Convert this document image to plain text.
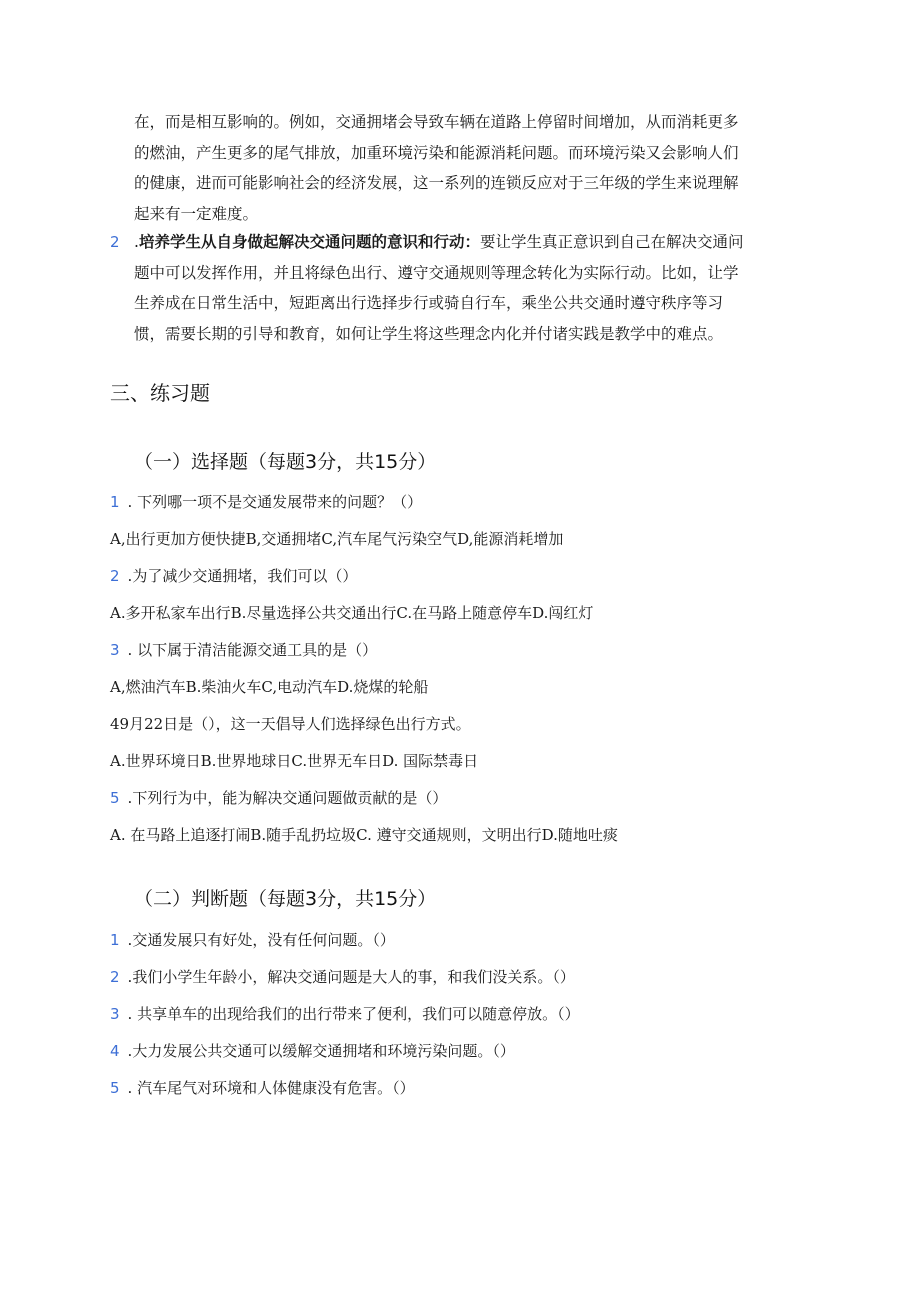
在，而是相互影响的。例如，交通拥堵会导致车辆在道路上停留时间增加，从而消耗更多

的燃油，产生更多的尾气排放，加重环境污染和能源消耗问题。而环境污染又会影响人们

的健康，进而可能影响社会的经济发展，这一系列的连锁反应对于三年级的学生来说理解

起来有一定难度。

2 .培养学生从自身做起解决交通问题的意识和行动：要让学生真正意识到自己在解决交通问

题中可以发挥作用，并且将绿色出行、遵守交通规则等理念转化为实际行动。比如，让学

生养成在日常生活中，短距离出行选择步行或骑自行车，乘坐公共交通时遵守秩序等习

惯，需要长期的引导和教育，如何让学生将这些理念内化并付诸实践是教学中的难点。

三、练习题
（一）选择题（每题3分，共15分）
1 . 下列哪一项不是交通发展带来的问题？（）
A,出行更加方便快捷B,交通拥堵C,汽车尾气污染空气D,能源消耗增加
2 .为了减少交通拥堵，我们可以（）
A.多开私家车出行B.尽量选择公共交通出行C.在马路上随意停车D.闯红灯
3 . 以下属于清洁能源交通工具的是（）
A,燃油汽车B.柴油火车C,电动汽车D.烧煤的轮船
49月22日是（），这一天倡导人们选择绿色出行方式。
A.世界环境日B.世界地球日C.世界无车日D. 国际禁毒日
5 .下列行为中，能为解决交通问题做贡献的是（）
A. 在马路上追逐打闹B.随手乱扔垃圾C. 遵守交通规则，文明出行D.随地吐痰
（二）判断题（每题3分，共15分）
1 .交通发展只有好处，没有任何问题。（）
2 .我们小学生年龄小，解决交通问题是大人的事，和我们没关系。（）
3 . 共享单车的出现给我们的出行带来了便利，我们可以随意停放。（）
4 .大力发展公共交通可以缓解交通拥堵和环境污染问题。（）
5 . 汽车尾气对环境和人体健康没有危害。（）
